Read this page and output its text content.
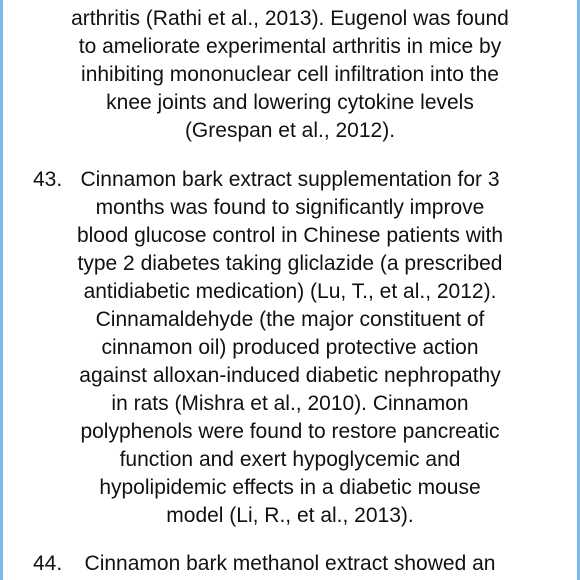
arthritis (Rathi et al., 2013). Eugenol was found
to ameliorate experimental arthritis in mice by
inhibiting mononuclear cell infiltration into the
knee joints and lowering cytokine levels
(Grespan et al., 2012).
43. Cinnamon bark extract supplementation for 3
months was found to significantly improve
blood glucose control in Chinese patients with
type 2 diabetes taking gliclazide (a prescribed
antidiabetic medication) (Lu, T., et al., 2012).
Cinnamaldehyde (the major constituent of
cinnamon oil) produced protective action
against alloxan-induced diabetic nephropathy
in rats (Mishra et al., 2010). Cinnamon
polyphenols were found to restore pancreatic
function and exert hypoglycemic and
hypolipidemic effects in a diabetic mouse
model (Li, R., et al., 2013).
44.	Cinnamon bark methanol extract showed an
